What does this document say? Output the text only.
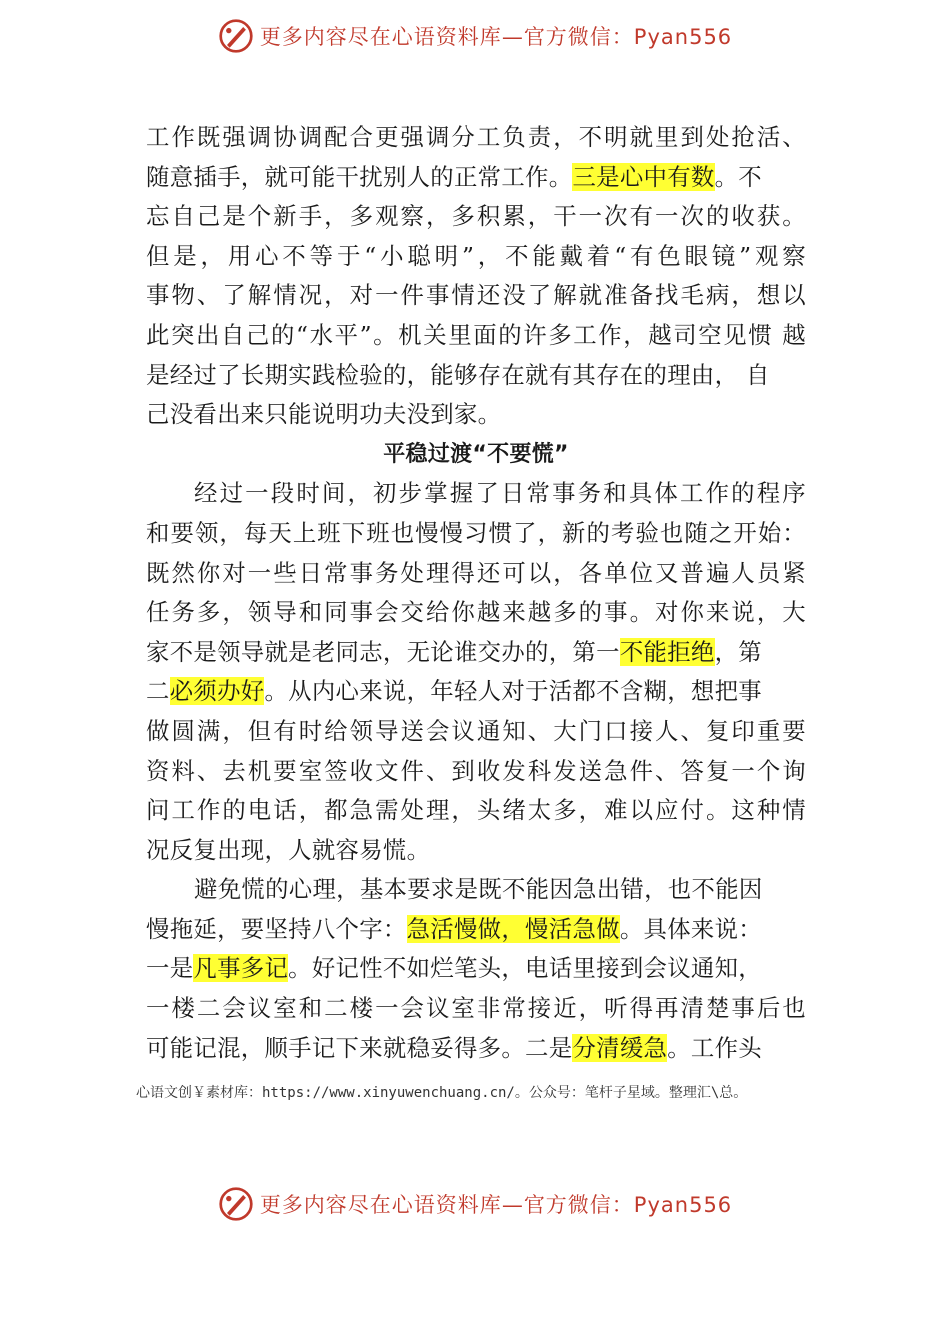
更多内容尽在心语资料库—官方微信：Pyan556
工作既强调协调配合更强调分工负责，不明就里到处抢活、
随意插手，就可能干扰别人的正常工作。三是心中有数。不
忘自己是个新手，多观察，多积累，干一次有一次的收获。
但是，用心不等于“小聪明”，不能戴着“有色眼镜”观察
事物、了解情况，对一件事情还没了解就准备找毛病，想以
此突出自己的“水平”。机关里面的许多工作，越司空见惯 越
是经过了长期实践检验的，能够存在就有其存在的理由， 自
己没看出来只能说明功夫没到家。
平稳过渡“不要慌”
经过一段时间，初步掌握了日常事务和具体工作的程序
和要领，每天上班下班也慢慢习惯了，新的考验也随之开始：
既然你对一些日常事务处理得还可以，各单位又普遍人员紧
任务多，领导和同事会交给你越来越多的事。对你来说，大
家不是领导就是老同志，无论谁交办的，第一不能拒绝，第
二必须办好。从内心来说，年轻人对于活都不含糊，想把事
做圆满，但有时给领导送会议通知、大门口接人、复印重要
资料、去机要室签收文件、到收发科发送急件、答复一个询
问工作的电话，都急需处理，头绪太多，难以应付。这种情
况反复出现，人就容易慌。
避免慌的心理，基本要求是既不能因急出错，也不能因
慢拖延，要坚持八个字：急活慢做，慢活急做。具体来说：
一是凡事多记。好记性不如烂笔头，电话里接到会议通知，
一楼二会议室和二楼一会议室非常接近，听得再清楚事后也
可能记混，顺手记下来就稳妥得多。二是分清缓急。工作头
心语文创￥素材库：https://www.xinyuwenchuang.cn/。公众号：笔杆子星域。整理汇\总。
更多内容尽在心语资料库—官方微信：Pyan556
